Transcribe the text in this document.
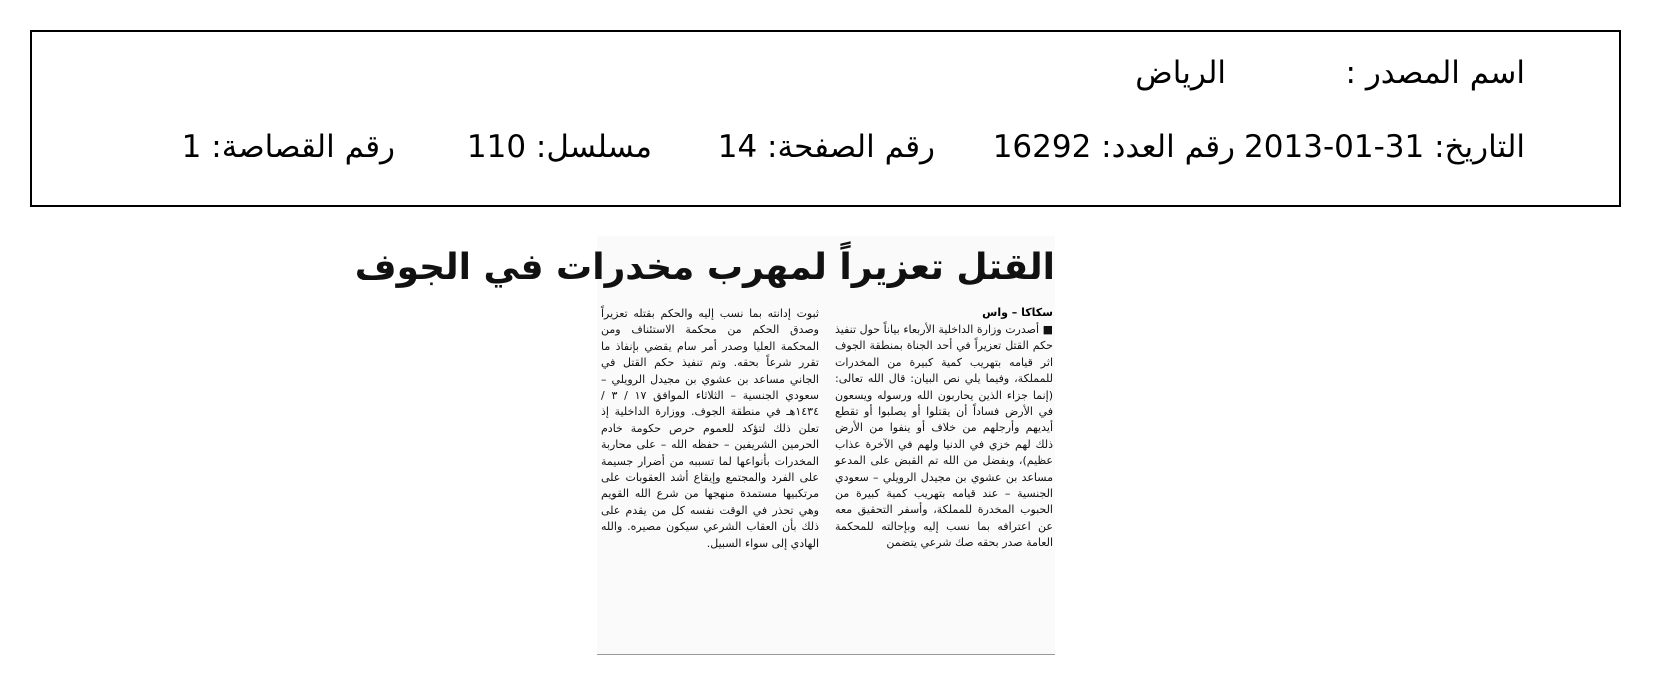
اسم المصدر :
الرياض
التاريخ: 31-01-2013
رقم العدد: 16292
رقم الصفحة: 14
مسلسل: 110
رقم القصاصة: 1
القتل تعزيراً لمهرب مخدرات في الجوف
سكاكا – واس
■ أصدرت وزارة الداخلية الأربعاء بياناً حول تنفيذ حكم القتل تعزيراً في أحد الجناة بمنطقة الجوف اثر قيامه بتهريب كمية كبيرة من المخدرات للمملكة، وفيما يلي نص البيان: قال الله تعالى: (إنما جزاء الذين يحاربون الله ورسوله ويسعون في الأرض فساداً أن يقتلوا أو يصلبوا أو تقطع أيديهم وأرجلهم من خلاف أو ينفوا من الأرض ذلك لهم خزي في الدنيا ولهم في الآخرة عذاب عظيم)، وبفضل من الله تم القبض على المدعو مساعد بن عشوي بن مجيدل الرويلي – سعودي الجنسية – عند قيامه بتهريب كمية كبيرة من الحبوب المخدرة للمملكة، وأسفر التحقيق معه عن اعترافه بما نسب إليه وبإحالته للمحكمة العامة صدر بحقه صك شرعي يتضمن
ثبوت إدانته بما نسب إليه والحكم بقتله تعزيراً وصدق الحكم من محكمة الاستئناف ومن المحكمة العليا وصدر أمر سام يقضي بإنفاذ ما تقرر شرعاً بحقه. وتم تنفيذ حكم القتل في الجاني مساعد بن عشوي بن مجيدل الرويلي – سعودي الجنسية – الثلاثاء الموافق ١٧ / ٣ / ١٤٣٤هـ في منطقة الجوف. ووزارة الداخلية إذ تعلن ذلك لتؤكد للعموم حرص حكومة خادم الحرمين الشريفين – حفظه الله – على محاربة المخدرات بأنواعها لما تسببه من أضرار جسيمة على الفرد والمجتمع وإيقاع أشد العقوبات على مرتكبيها مستمدة منهجها من شرع الله القويم وهي تحذر في الوقت نفسه كل من يقدم على ذلك بأن العقاب الشرعي سيكون مصيره. والله الهادي إلى سواء السبيل.
